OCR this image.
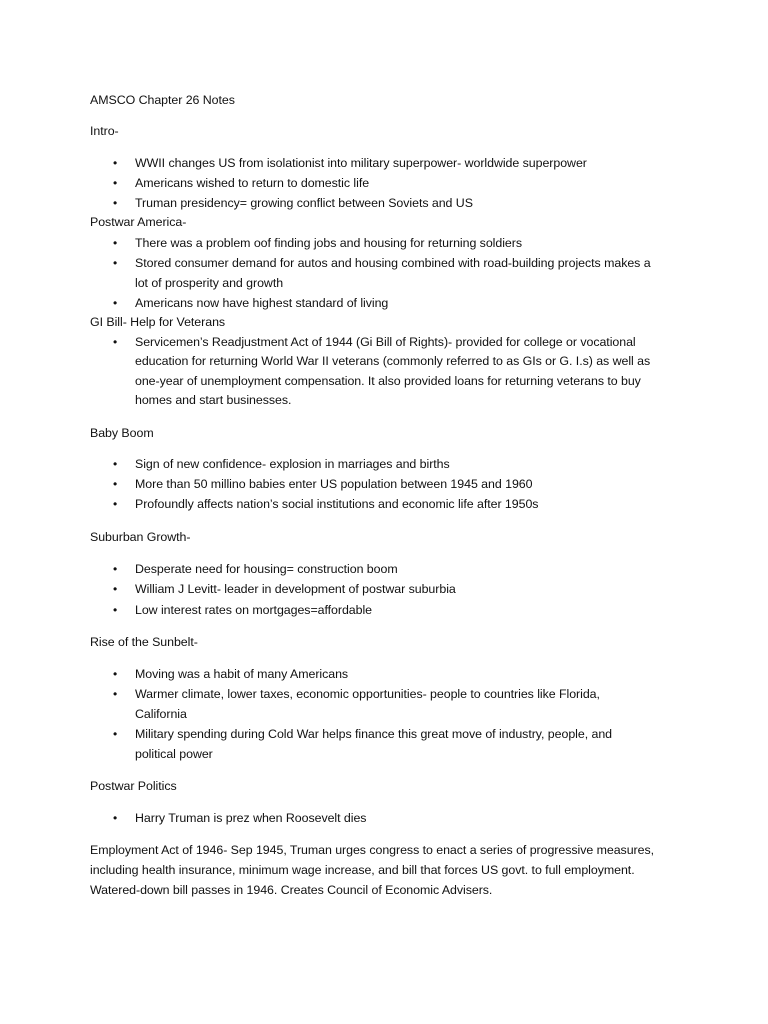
AMSCO Chapter 26 Notes
Intro-
• WWII changes US from isolationist into military superpower- worldwide superpower
• Americans wished to return to domestic life
• Truman presidency= growing conflict between Soviets and US
Postwar America-
• There was a problem oof finding jobs and housing for returning soldiers
• Stored consumer demand for autos and housing combined with road-building projects makes a
lot of prosperity and growth
• Americans now have highest standard of living
GI Bill- Help for Veterans
• Servicemen’s Readjustment Act of 1944 (Gi Bill of Rights)- provided for college or vocational
education for returning World War II veterans (commonly referred to as GIs or G. I.s) as well as
one-year of unemployment compensation. It also provided loans for returning veterans to buy
homes and start businesses.
Baby Boom
• Sign of new confidence- explosion in marriages and births
• More than 50 millino babies enter US population between 1945 and 1960
• Profoundly affects nation’s social institutions and economic life after 1950s
Suburban Growth-
• Desperate need for housing= construction boom
• William J Levitt- leader in development of postwar suburbia
• Low interest rates on mortgages=affordable
Rise of the Sunbelt-
• Moving was a habit of many Americans
• Warmer climate, lower taxes, economic opportunities- people to countries like Florida,
California
• Military spending during Cold War helps finance this great move of industry, people, and
political power
Postwar Politics
• Harry Truman is prez when Roosevelt dies
Employment Act of 1946- Sep 1945, Truman urges congress to enact a series of progressive measures,
including health insurance, minimum wage increase, and bill that forces US govt. to full employment.
Watered-down bill passes in 1946. Creates Council of Economic Advisers.
